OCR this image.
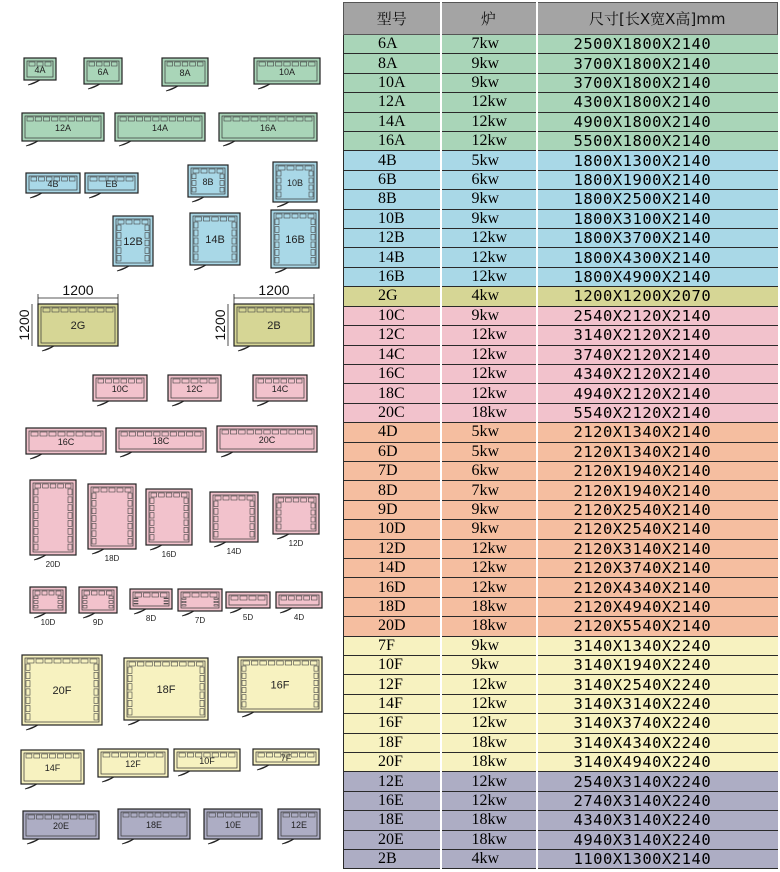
1200
1200
1200
1200
4A	6A	8A	10A
12A	14A	16A
4B	EB	8B	10B
12B	14B	16B
2G	2B
10C	12C	14C
16C	18C	20C
20D
18D	16D	14D
12D
10D	9D	8D	7D	5D	4D
20F	18F	16F
14F	12F	10F	7F
20E	18E	10E	12E
型号	炉	尺寸[长X宽X高]mm
6A	7kw	2500X1800X2140
8A	9kw	3700X1800X2140
10A	9kw	3700X1800X2140
12A	12kw	4300X1800X2140
14A	12kw	4900X1800X2140
16A	12kw	5500X1800X2140
4B	5kw	1800X1300X2140
6B	6kw	1800X1900X2140
8B	9kw	1800X2500X2140
10B	9kw	1800X3100X2140
12B	12kw	1800X3700X2140
14B	12kw	1800X4300X2140
16B	12kw	1800X4900X2140
2G	4kw	1200X1200X2070
10C	9kw	2540X2120X2140
12C	12kw	3140X2120X2140
14C	12kw	3740X2120X2140
16C	12kw	4340X2120X2140
18C	12kw	4940X2120X2140
20C	18kw	5540X2120X2140
4D	5kw	2120X1340X2140
6D	5kw	2120X1340X2140
7D	6kw	2120X1940X2140
8D	7kw	2120X1940X2140
9D	9kw	2120X2540X2140
10D	9kw	2120X2540X2140
12D	12kw	2120X3140X2140
14D	12kw	2120X3740X2140
16D	12kw	2120X4340X2140
18D	18kw	2120X4940X2140
20D	18kw	2120X5540X2140
7F	9kw	3140X1340X2240
10F	9kw	3140X1940X2240
12F	12kw	3140X2540X2240
14F	12kw	3140X3140X2240
16F	12kw	3140X3740X2240
18F	18kw	3140X4340X2240
20F	18kw	3140X4940X2240
12E	12kw	2540X3140X2240
16E	12kw	2740X3140X2240
18E	18kw	4340X3140X2240
20E	18kw	4940X3140X2240
2B	4kw	1100X1300X2140
